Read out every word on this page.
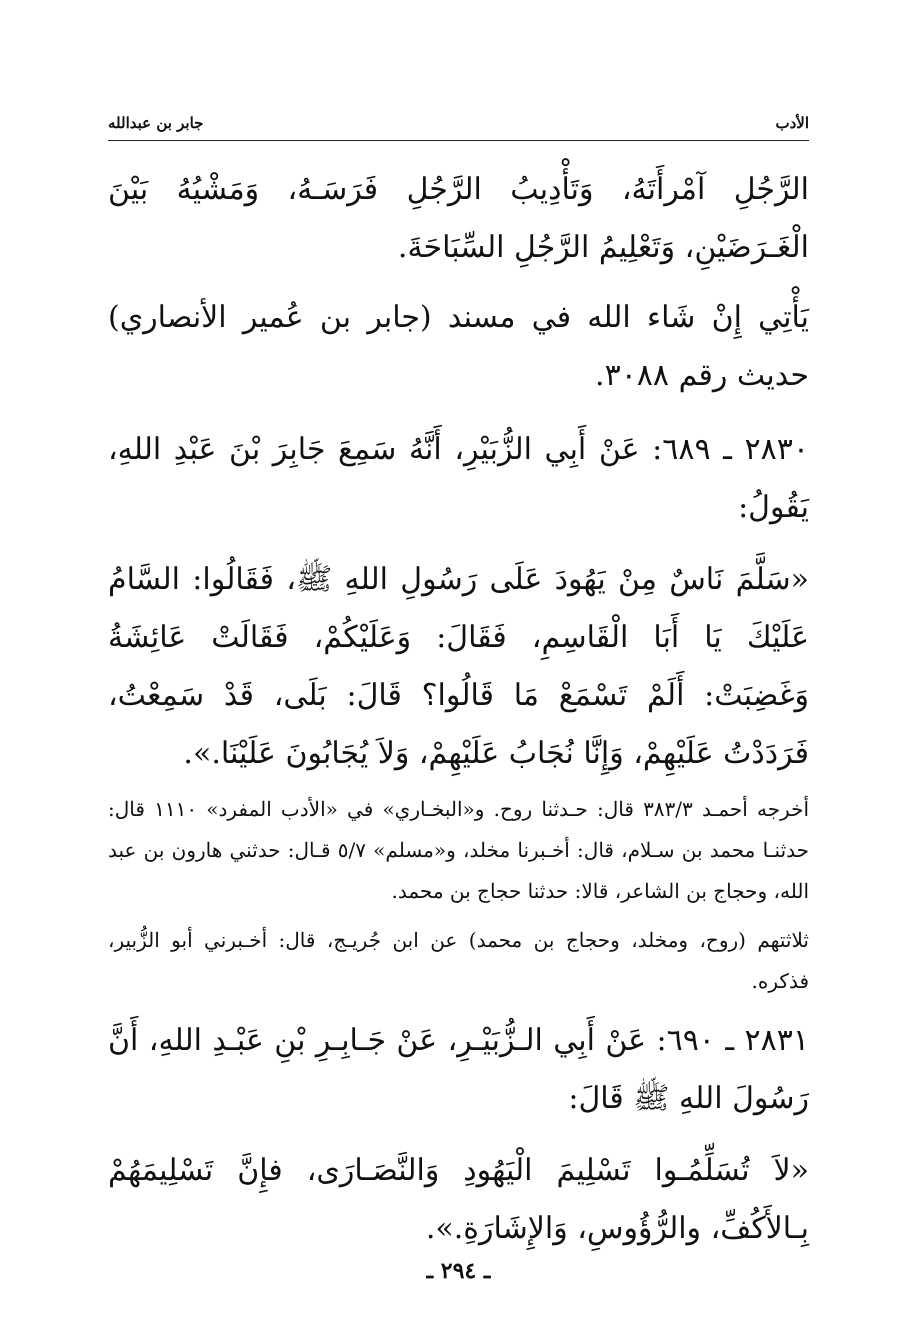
الأدب
جابر بن عبدالله

الرَّجُلِ آمْرأَتَهُ، وَتَأْدِيبُ الرَّجُلِ فَرَسَـهُ، وَمَشْيُهُ بَيْنَ الْغَـرَضَيْنِ، وَتَعْلِيمُ الرَّجُلِ السِّبَاحَةَ.

يَأْتِي إِنْ شَاء الله في مسند (جابر بن عُمير الأنصاري) حديث رقم ٣٠٨٨.

٢٨٣٠ ـ ٦٨٩: عَنْ أَبِي الزُّبَيْرِ، أَنَّهُ سَمِعَ جَابِرَ بْنَ عَبْدِ اللهِ، يَقُولُ:

«سَلَّمَ نَاسٌ مِنْ يَهُودَ عَلَى رَسُولِ اللهِ ﷺ، فَقَالُوا: السَّامُ عَلَيْكَ يَا أَبَا الْقَاسِمِ، فَقَالَ: وَعَلَيْكُمْ، فَقَالَتْ عَائِشَةُ وَغَضِبَتْ: أَلَمْ تَسْمَعْ مَا قَالُوا؟ قَالَ: بَلَى، قَدْ سَمِعْتُ، فَرَدَدْتُ عَلَيْهِمْ، وَإِنَّا نُجَابُ عَلَيْهِمْ، وَلاَ يُجَابُونَ عَلَيْنَا.».

أخرجه أحمـد ٣٨٣/٣ قال: حـدثنا روح. و«البخـاري» في «الأدب المفرد» ١١١٠ قال: حدثنـا محمد بن سـلام، قال: أخـبرنا مخلد، و«مسلم» ٥/٧ قـال: حدثني هارون بن عبد الله، وحجاج بن الشاعر، قالا: حدثنا حجاج بن محمد.

ثلاثتهم (روح، ومخلد، وحجاج بن محمد) عن ابن جُريـج، قال: أخـبرني أبو الزُّبير، فذكره.

٢٨٣١ ـ ٦٩٠: عَنْ أَبِي الـزُّبَيْـرِ، عَنْ جَـابِـرِ بْنِ عَبْـدِ اللهِ، أَنَّ رَسُولَ اللهِ ﷺ قَالَ:

«لاَ تُسَلِّمُـوا تَسْلِيمَ الْيَهُودِ وَالنَّصَـارَى، فإِنَّ تَسْلِيمَهُمْ بِـالأَكُفِّ، والرُّؤُوسِ، وَالإِشَارَةِ.».

ـ ٢٩٤ ـ
